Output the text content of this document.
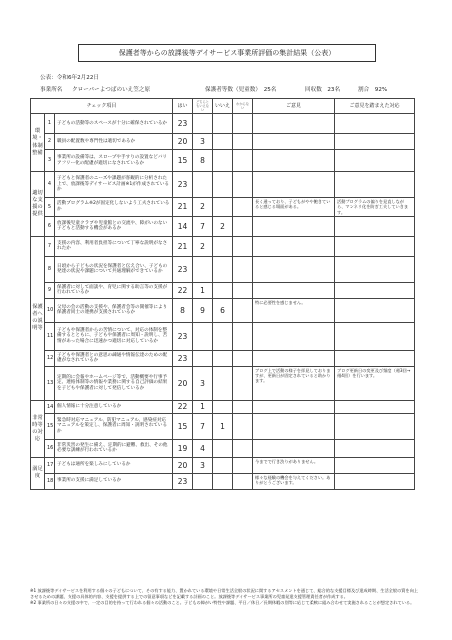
保護者等からの放課後等デイサービス事業所評価の集計結果（公表）
公表：令和6年2月22日
事業所名 クローバーよつばのいえ笠之原	保護者等数（児童数）　25名	回収数　23名	割合　92%
チェック項目			はい	どちらともいえない	いいえ	わからない	ご意見	ご意見を踏まえた対応
環境・体制整備	1	子どもの活動等のスペースが十分に確保されているか	23					
	2	職員の配置数や専門性は適切であるか	20	3				
	3	事業所の設備等は、スロープや手すりの設置などバリアフリー化の配慮が適切になされているか	15	8				
適切な支援の提供	4	子どもと保護者のニーズや課題が客観的に分析された上で、放課後等デイサービス計画※1が作成されているか	23					
	5	活動プログラム※2が固定化しないよう工夫されているか	21	2			長く通っており、子どもがやや飽きていると感じる場面がある。	活動プログラムの偏りを見直しながら、マンネリ化を防ぎ工夫していきます。
	6	放課後児童クラブや児童館との交流や、障がいのない子どもと活動する機会があるか	14	7	2			
保護者への説明等	7	支援の内容、利用者負担等について丁寧な説明がなされたか	21	2				
	8	日頃から子どもの状況を保護者と伝え合い、子どもの発達の状況や課題について共通理解ができているか	23					
	9	保護者に対して面談や、育児に関する助言等の支援が行われているか	22	1				
	10	父母の会の活動の支援や、保護者会等の開催等により保護者同士の連携が支援されているか	8	9	6		特に必要性を感じません。	
	11	子どもや保護者からの苦情について、対応の体制を整備するとともに、子どもや保護者に周知・説明し、苦情があった場合に迅速かつ適切に対応しているか	23					
	12	子どもや保護者との意思の疎通や情報伝達のための配慮がなされているか	23					
	13	定期的に会報やホームページ等で、活動概要や行事予定、連絡体制等の情報や業務に関する自己評価の結果を子どもや保護者に対して発信しているか	20	3			ブログ上で活動の様子を拝見しておりますが、更新日が固定されていると助かります。	ブログ更新日の変更及び頻度（週3回→週4回）を行います。
非常時等の対応	14	個人情報に十分注意しているか	22	1				
	15	緊急時対応マニュアル、防犯マニュアル、感染症対応マニュアルを策定し、保護者に周知・説明されているか	15	7	1			
	16	非常災害の発生に備え、定期的に避難、救出、その他必要な訓練が行われているか	19	4				
満足度	17	子どもは通所を楽しみにしているか	20	3			今までで行き渋りがありません。	
	18	事業所の支援に満足しているか	23				様々な経験の機会を与えてください。ありがとうございます。	

※1 放課後等デイサービスを利用する個々の子どもについて、その有する能力、置かれている環境や日常生活全般の状況に関するアセスメントを通じて、総合的な支援目標及び達成時期、生活全般の質を向上させるための課題、支援の具体的内容、支援を提供する上での留意事項などを記載する計画のこと。放課後等デイサービス事業所の児童発達支援管理責任者が作成する。

※2 事業所の日々の支援の中で、一定の目的を持って行われる個々の活動のこと。子どもの障がい特性や課題、平日／休日／長期休暇の別等に応じて柔軟に組み合わせて実施されることが想定されている。
